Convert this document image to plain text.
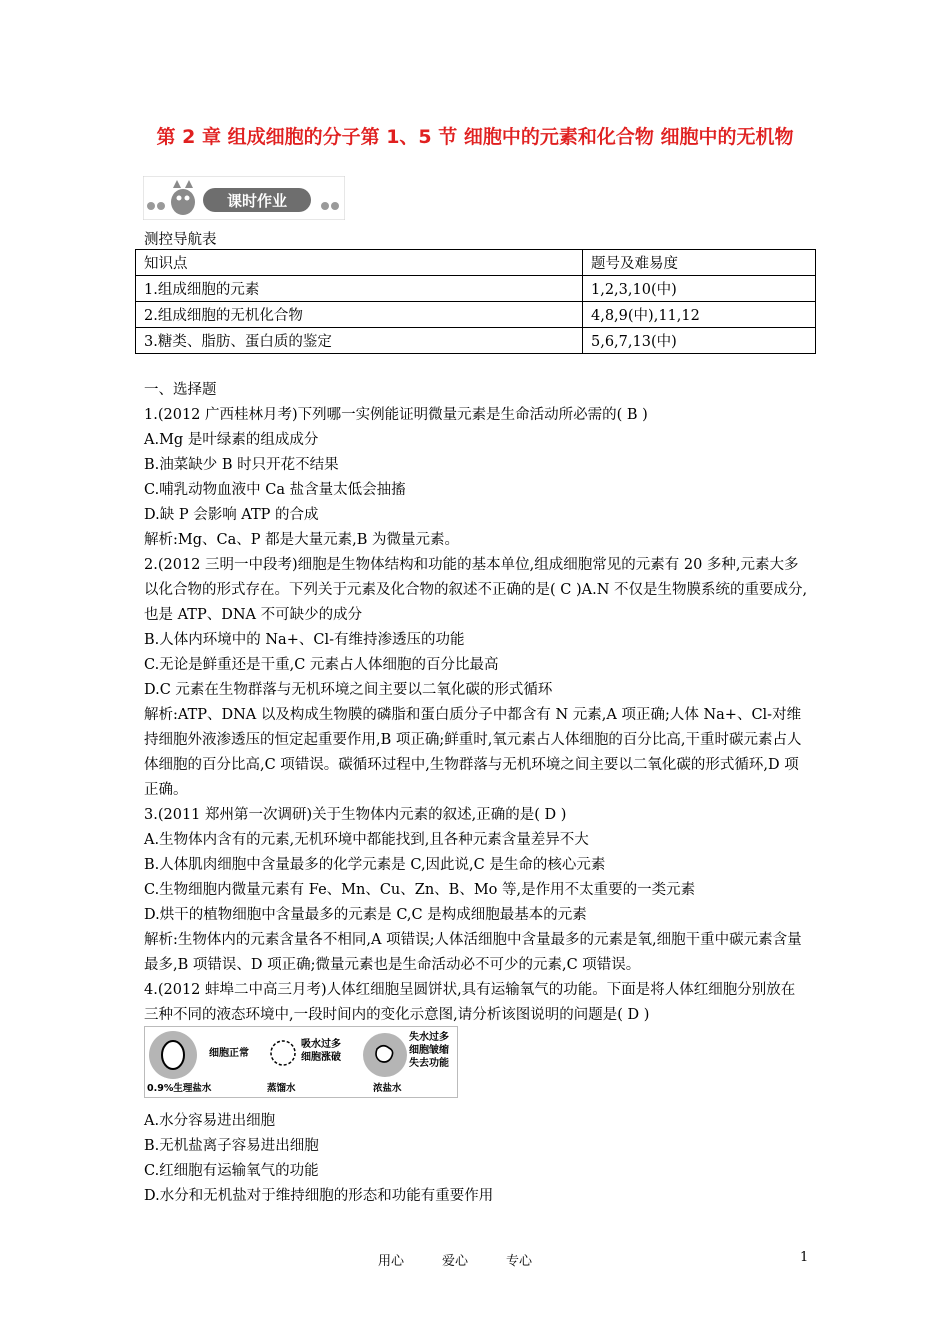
第 2 章 组成细胞的分子第 1、5 节 细胞中的元素和化合物 细胞中的无机物
课时作业
测控导航表
知识点	题号及难易度
1.组成细胞的元素	1,2,3,10(中)
2.组成细胞的无机化合物	4,8,9(中),11,12
3.糖类、脂肪、蛋白质的鉴定	5,6,7,13(中)

一、选择题

1.(2012 广西桂林月考)下列哪一实例能证明微量元素是生命活动所必需的( B )

A.Mg 是叶绿素的组成成分

B.油菜缺少 B 时只开花不结果

C.哺乳动物血液中 Ca 盐含量太低会抽搐

D.缺 P 会影响 ATP 的合成

解析:Mg、Ca、P 都是大量元素,B 为微量元素。

2.(2012 三明一中段考)细胞是生物体结构和功能的基本单位,组成细胞常见的元素有 20 多种,元素大多以化合物的形式存在。下列关于元素及化合物的叙述不正确的是( C )A.N 不仅是生物膜系统的重要成分,也是 ATP、DNA 不可缺少的成分

B.人体内环境中的 Na+、Cl-有维持渗透压的功能

C.无论是鲜重还是干重,C 元素占人体细胞的百分比最高

D.C 元素在生物群落与无机环境之间主要以二氧化碳的形式循环

解析:ATP、DNA 以及构成生物膜的磷脂和蛋白质分子中都含有 N 元素,A 项正确;人体 Na+、Cl-对维持细胞外液渗透压的恒定起重要作用,B 项正确;鲜重时,氧元素占人体细胞的百分比高,干重时碳元素占人体细胞的百分比高,C 项错误。碳循环过程中,生物群落与无机环境之间主要以二氧化碳的形式循环,D 项正确。

3.(2011 郑州第一次调研)关于生物体内元素的叙述,正确的是( D )

A.生物体内含有的元素,无机环境中都能找到,且各种元素含量差异不大

B.人体肌肉细胞中含量最多的化学元素是 C,因此说,C 是生命的核心元素

C.生物细胞内微量元素有 Fe、Mn、Cu、Zn、B、Mo 等,是作用不太重要的一类元素

D.烘干的植物细胞中含量最多的元素是 C,C 是构成细胞最基本的元素

解析:生物体内的元素含量各不相同,A 项错误;人体活细胞中含量最多的元素是氧,细胞干重中碳元素含量最多,B 项错误、D 项正确;微量元素也是生命活动必不可少的元素,C 项错误。

4.(2012 蚌埠二中高三月考)人体红细胞呈圆饼状,具有运输氧气的功能。下面是将人体红细胞分别放在三种不同的液态环境中,一段时间内的变化示意图,请分析该图说明的问题是( D )

A.水分容易进出细胞

B.无机盐离子容易进出细胞

C.红细胞有运输氧气的功能

D.水分和无机盐对于维持细胞的形态和功能有重要作用

细胞正常
0.9%生理盐水
吸水过多
细胞涨破
蒸馏水
失水过多
细胞皱缩
失去功能
浓盐水
用心	爱心	专心	1
